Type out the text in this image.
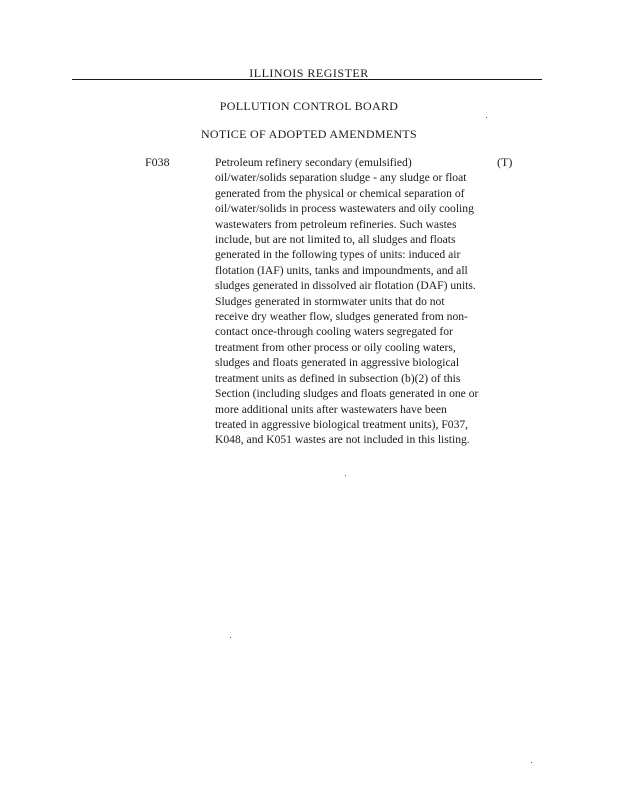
ILLINOIS REGISTER
POLLUTION CONTROL BOARD
NOTICE OF ADOPTED AMENDMENTS
F038	Petroleum refinery secondary (emulsified)
oil/water/solids separation sludge - any sludge or float
generated from the physical or chemical separation of
oil/water/solids in process wastewaters and oily cooling
wastewaters from petroleum refineries. Such wastes
include, but are not limited to, all sludges and floats
generated in the following types of units: induced air
flotation (IAF) units, tanks and impoundments, and all
sludges generated in dissolved air flotation (DAF) units.
Sludges generated in stormwater units that do not
receive dry weather flow, sludges generated from non-
contact once-through cooling waters segregated for
treatment from other process or oily cooling waters,
sludges and floats generated in aggressive biological
treatment units as defined in subsection (b)(2) of this
Section (including sludges and floats generated in one or
more additional units after wastewaters have been
treated in aggressive biological treatment units), F037,
K048, and K051 wastes are not included in this listing.
(T)
